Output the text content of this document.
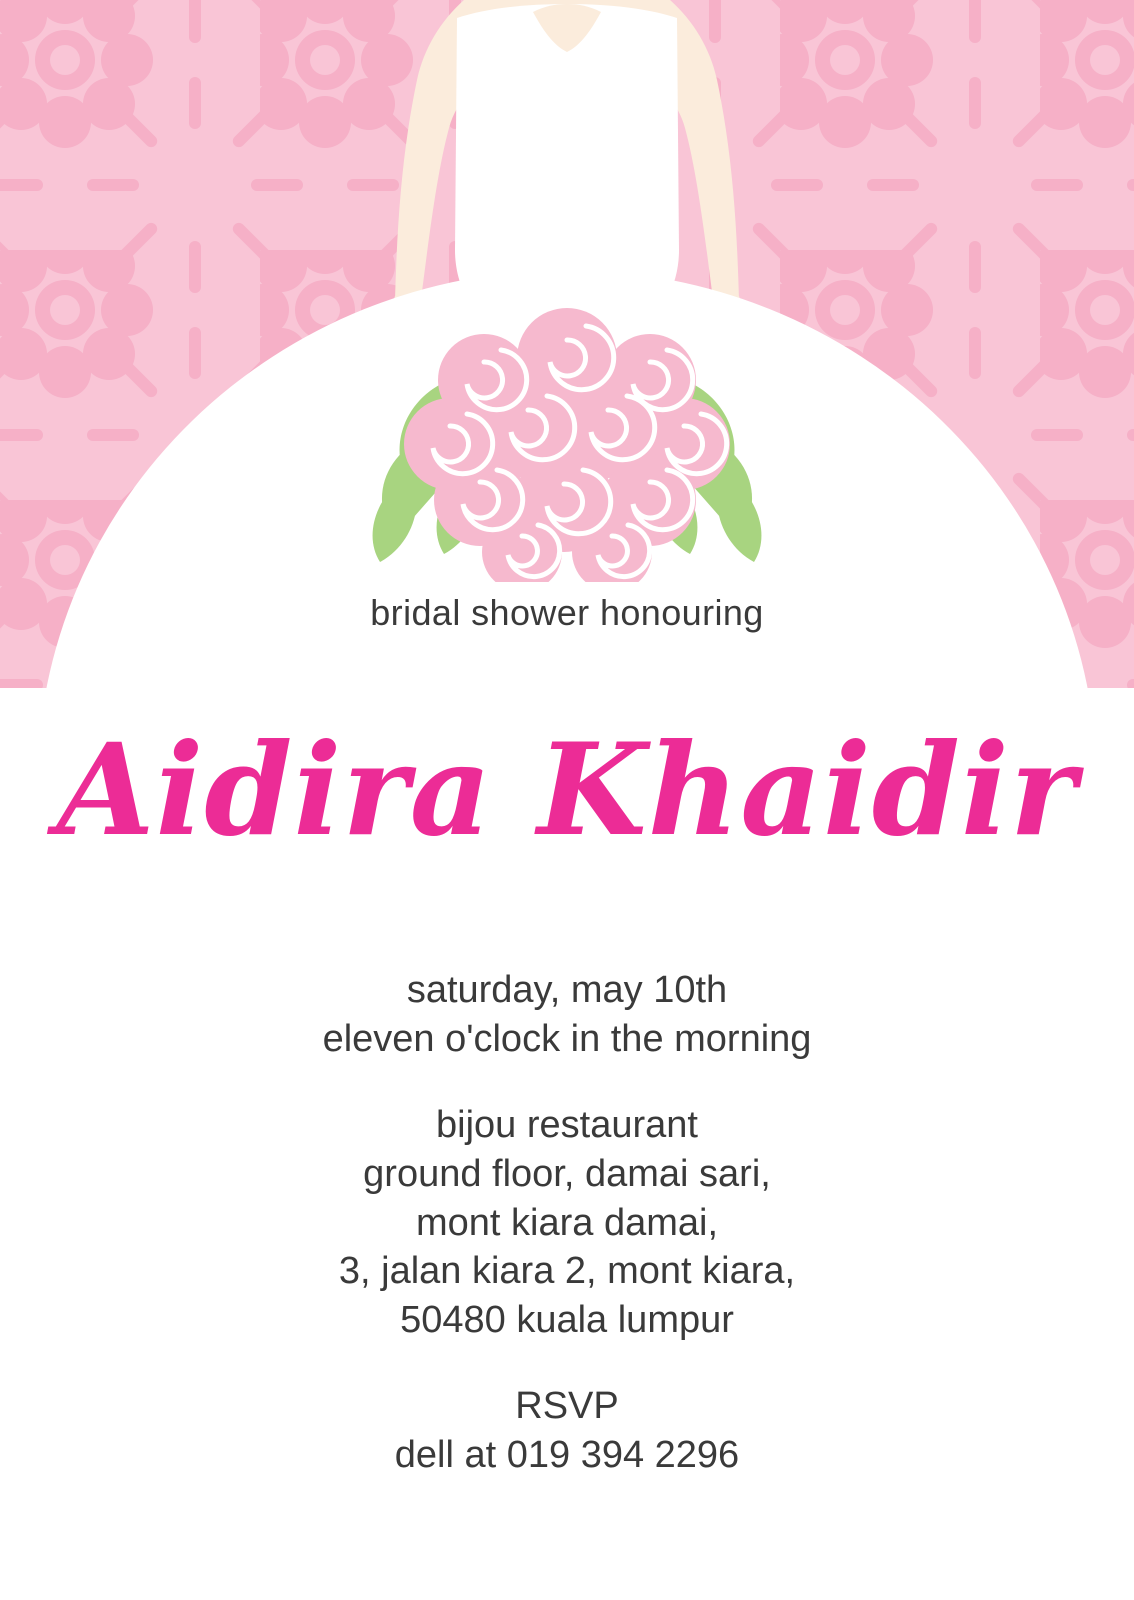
bridal shower honouring
Aidira Khaidir
saturday, may 10th
eleven o'clock in the morning
bijou restaurant
ground floor, damai sari,
mont kiara damai,
3, jalan kiara 2, mont kiara,
50480 kuala lumpur
RSVP
dell at 019 394 2296
